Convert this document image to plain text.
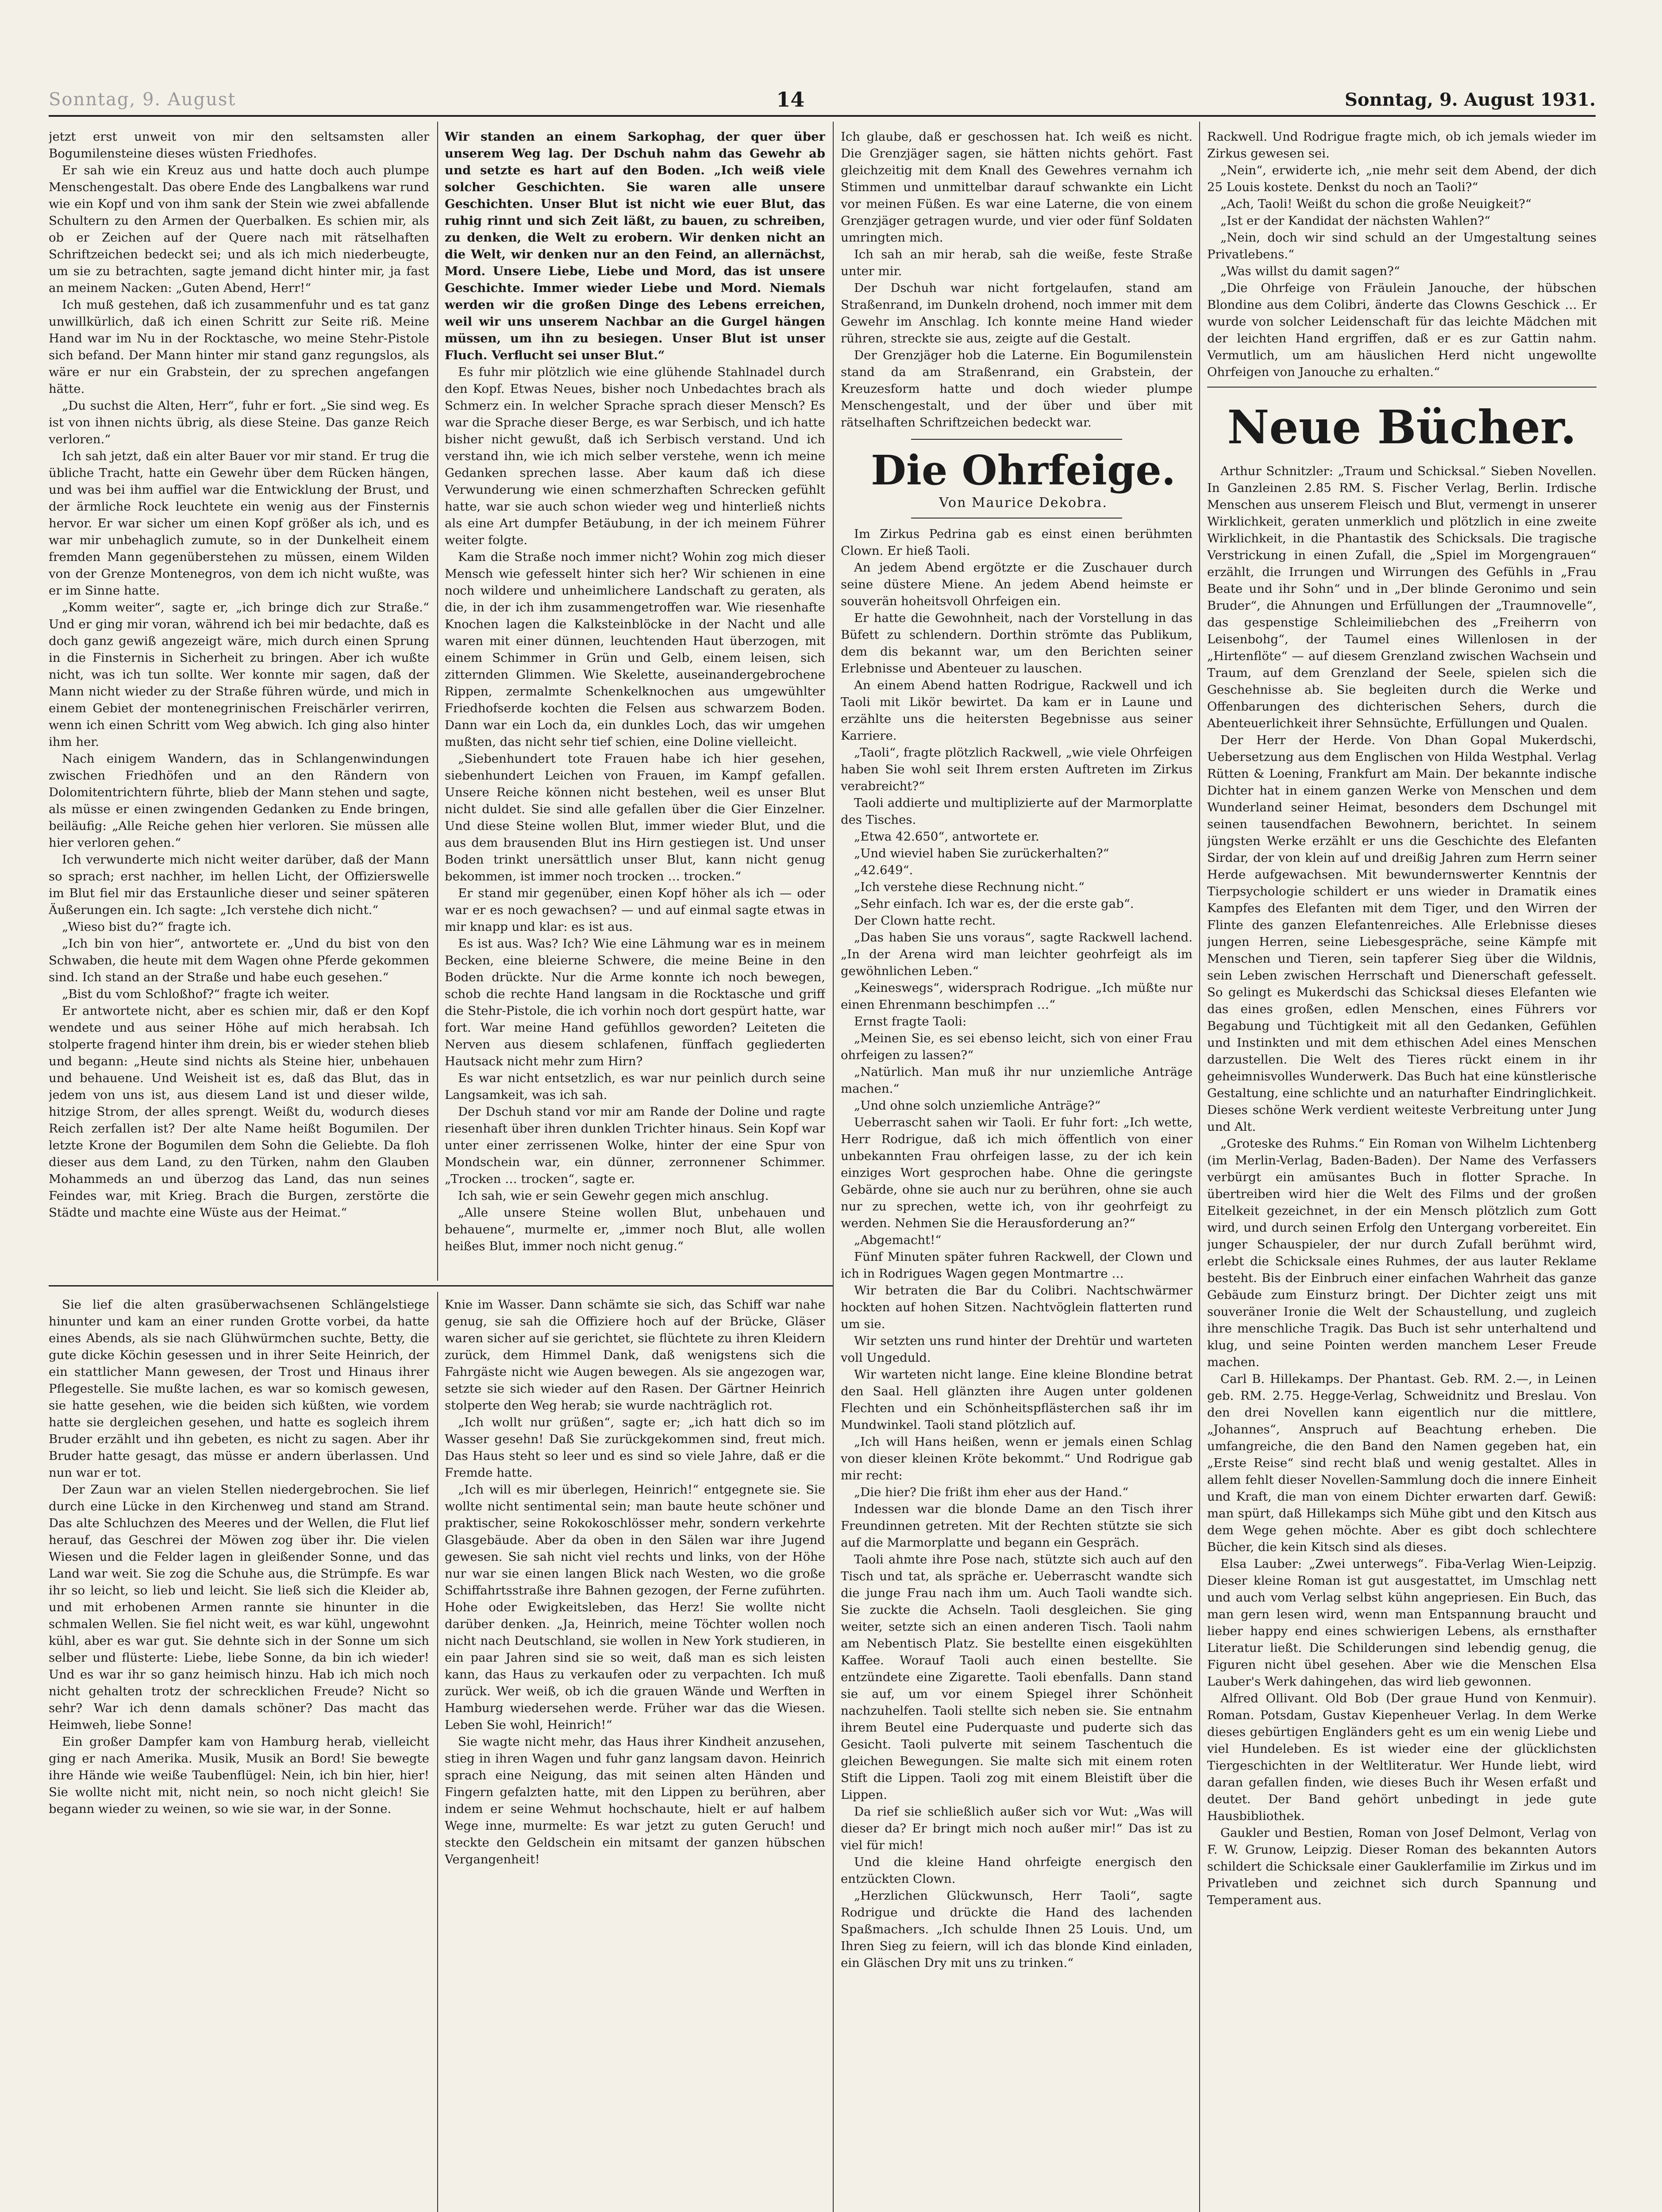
Sonntag, 9. August	14	Sonntag, 9. August 1931.

jetzt erst unweit von mir den seltsamsten aller Bogumilensteine dieses wüsten Friedhofes.

Er sah wie ein Kreuz aus und hatte doch auch plumpe Menschengestalt. Das obere Ende des Langbalkens war rund wie ein Kopf und von ihm sank der Stein wie zwei abfallende Schultern zu den Armen der Querbalken. Es schien mir, als ob er Zeichen auf der Quere nach mit rätselhaften Schriftzeichen bedeckt sei; und als ich mich niederbeugte, um sie zu betrachten, sagte jemand dicht hinter mir, ja fast an meinem Nacken: „Guten Abend, Herr!“

Ich muß gestehen, daß ich zusammenfuhr und es tat ganz unwillkürlich, daß ich einen Schritt zur Seite riß. Meine Hand war im Nu in der Rocktasche, wo meine Stehr-Pistole sich befand. Der Mann hinter mir stand ganz regungslos, als wäre er nur ein Grabstein, der zu sprechen angefangen hätte.

„Du suchst die Alten, Herr“, fuhr er fort. „Sie sind weg. Es ist von ihnen nichts übrig, als diese Steine. Das ganze Reich verloren.“

Ich sah jetzt, daß ein alter Bauer vor mir stand. Er trug die übliche Tracht, hatte ein Gewehr über dem Rücken hängen, und was bei ihm auffiel war die Entwicklung der Brust, und der ärmliche Rock leuchtete ein wenig aus der Finsternis hervor. Er war sicher um einen Kopf größer als ich, und es war mir unbehaglich zumute, so in der Dunkelheit einem fremden Mann gegenüberstehen zu müssen, einem Wilden von der Grenze Montenegros, von dem ich nicht wußte, was er im Sinne hatte.

„Komm weiter“, sagte er, „ich bringe dich zur Straße.“ Und er ging mir voran, während ich bei mir bedachte, daß es doch ganz gewiß angezeigt wäre, mich durch einen Sprung in die Finsternis in Sicherheit zu bringen. Aber ich wußte nicht, was ich tun sollte. Wer konnte mir sagen, daß der Mann nicht wieder zu der Straße führen würde, und mich in einem Gebiet der montenegrinischen Freischärler verirren, wenn ich einen Schritt vom Weg abwich. Ich ging also hinter ihm her.

Nach einigem Wandern, das in Schlangenwindungen zwischen Friedhöfen und an den Rändern von Dolomitentrichtern führte, blieb der Mann stehen und sagte, als müsse er einen zwingenden Gedanken zu Ende bringen, beiläufig: „Alle Reiche gehen hier verloren. Sie müssen alle hier verloren gehen.“

Ich verwunderte mich nicht weiter darüber, daß der Mann so sprach; erst nachher, im hellen Licht, der Offizierswelle im Blut fiel mir das Erstaunliche dieser und seiner späteren Äußerungen ein. Ich sagte: „Ich verstehe dich nicht.“

„Wieso bist du?“ fragte ich.

„Ich bin von hier“, antwortete er. „Und du bist von den Schwaben, die heute mit dem Wagen ohne Pferde gekommen sind. Ich stand an der Straße und habe euch gesehen.“

„Bist du vom Schloßhof?“ fragte ich weiter.

Er antwortete nicht, aber es schien mir, daß er den Kopf wendete und aus seiner Höhe auf mich herabsah. Ich stolperte fragend hinter ihm drein, bis er wieder stehen blieb und begann: „Heute sind nichts als Steine hier, unbehauen und behauene. Und Weisheit ist es, daß das Blut, das in jedem von uns ist, aus diesem Land ist und dieser wilde, hitzige Strom, der alles sprengt. Weißt du, wodurch dieses Reich zerfallen ist? Der alte Name heißt Bogumilen. Der letzte Krone der Bogumilen dem Sohn die Geliebte. Da floh dieser aus dem Land, zu den Türken, nahm den Glauben Mohammeds an und überzog das Land, das nun seines Feindes war, mit Krieg. Brach die Burgen, zerstörte die Städte und machte eine Wüste aus der Heimat.“

Wir standen an einem Sarkophag, der quer über unserem Weg lag. Der Dschuh nahm das Gewehr ab und setzte es hart auf den Boden. „Ich weiß viele solcher Geschichten. Sie waren alle unsere Geschichten. Unser Blut ist nicht wie euer Blut, das ruhig rinnt und sich Zeit läßt, zu bauen, zu schreiben, zu denken, die Welt zu erobern. Wir denken nicht an die Welt, wir denken nur an den Feind, an allernächst, Mord. Unsere Liebe, Liebe und Mord, das ist unsere Geschichte. Immer wieder Liebe und Mord. Niemals werden wir die großen Dinge des Lebens erreichen, weil wir uns unserem Nachbar an die Gurgel hängen müssen, um ihn zu besiegen. Unser Blut ist unser Fluch. Verflucht sei unser Blut.“

Es fuhr mir plötzlich wie eine glühende Stahlnadel durch den Kopf. Etwas Neues, bisher noch Unbedachtes brach als Schmerz ein. In welcher Sprache sprach dieser Mensch? Es war die Sprache dieser Berge, es war Serbisch, und ich hatte bisher nicht gewußt, daß ich Serbisch verstand. Und ich verstand ihn, wie ich mich selber verstehe, wenn ich meine Gedanken sprechen lasse. Aber kaum daß ich diese Verwunderung wie einen schmerzhaften Schrecken gefühlt hatte, war sie auch schon wieder weg und hinterließ nichts als eine Art dumpfer Betäubung, in der ich meinem Führer weiter folgte.

Kam die Straße noch immer nicht? Wohin zog mich dieser Mensch wie gefesselt hinter sich her? Wir schienen in eine noch wildere und unheimlichere Landschaft zu geraten, als die, in der ich ihm zusammengetroffen war. Wie riesenhafte Knochen lagen die Kalksteinblöcke in der Nacht und alle waren mit einer dünnen, leuchtenden Haut überzogen, mit einem Schimmer in Grün und Gelb, einem leisen, sich zitternden Glimmen. Wie Skelette, auseinandergebrochene Rippen, zermalmte Schenkelknochen aus umgewühlter Friedhofserde kochten die Felsen aus schwarzem Boden. Dann war ein Loch da, ein dunkles Loch, das wir umgehen mußten, das nicht sehr tief schien, eine Doline vielleicht.

„Siebenhundert tote Frauen habe ich hier gesehen, siebenhundert Leichen von Frauen, im Kampf gefallen. Unsere Reiche können nicht bestehen, weil es unser Blut nicht duldet. Sie sind alle gefallen über die Gier Einzelner. Und diese Steine wollen Blut, immer wieder Blut, und die aus dem brausenden Blut ins Hirn gestiegen ist. Und unser Boden trinkt unersättlich unser Blut, kann nicht genug bekommen, ist immer noch trocken … trocken.“

Er stand mir gegenüber, einen Kopf höher als ich — oder war er es noch gewachsen? — und auf einmal sagte etwas in mir knapp und klar: es ist aus.

Es ist aus. Was? Ich? Wie eine Lähmung war es in meinem Becken, eine bleierne Schwere, die meine Beine in den Boden drückte. Nur die Arme konnte ich noch bewegen, schob die rechte Hand langsam in die Rocktasche und griff die Stehr-Pistole, die ich vorhin noch dort gespürt hatte, war fort. War meine Hand gefühllos geworden? Leiteten die Nerven aus diesem schlafenen, fünffach gegliederten Hautsack nicht mehr zum Hirn?

Es war nicht entsetzlich, es war nur peinlich durch seine Langsamkeit, was ich sah.

Der Dschuh stand vor mir am Rande der Doline und ragte riesenhaft über ihren dunklen Trichter hinaus. Sein Kopf war unter einer zerrissenen Wolke, hinter der eine Spur von Mondschein war, ein dünner, zerronnener Schimmer. „Trocken … trocken“, sagte er.

Ich sah, wie er sein Gewehr gegen mich anschlug.

„Alle unsere Steine wollen Blut, unbehauen und behauene“, murmelte er, „immer noch Blut, alle wollen heißes Blut, immer noch nicht genug.“

Ich glaube, daß er geschossen hat. Ich weiß es nicht. Die Grenzjäger sagen, sie hätten nichts gehört. Fast gleichzeitig mit dem Knall des Gewehres vernahm ich Stimmen und unmittelbar darauf schwankte ein Licht vor meinen Füßen. Es war eine Laterne, die von einem Grenzjäger getragen wurde, und vier oder fünf Soldaten umringten mich.

Ich sah an mir herab, sah die weiße, feste Straße unter mir.

Der Dschuh war nicht fortgelaufen, stand am Straßenrand, im Dunkeln drohend, noch immer mit dem Gewehr im Anschlag. Ich konnte meine Hand wieder rühren, streckte sie aus, zeigte auf die Gestalt.

Der Grenzjäger hob die Laterne. Ein Bogumilenstein stand da am Straßenrand, ein Grabstein, der Kreuzesform hatte und doch wieder plumpe Menschengestalt, und der über und über mit rätselhaften Schriftzeichen bedeckt war.

Die Ohrfeige.

Von Maurice Dekobra.

Im Zirkus Pedrina gab es einst einen berühmten Clown. Er hieß Taoli.

An jedem Abend ergötzte er die Zuschauer durch seine düstere Miene. An jedem Abend heimste er souverän hoheitsvoll Ohrfeigen ein.

Er hatte die Gewohnheit, nach der Vorstellung in das Büfett zu schlendern. Dorthin strömte das Publikum, dem dis bekannt war, um den Berichten seiner Erlebnisse und Abenteuer zu lauschen.

An einem Abend hatten Rodrigue, Rackwell und ich Taoli mit Likör bewirtet. Da kam er in Laune und erzählte uns die heitersten Begebnisse aus seiner Karriere.

„Taoli“, fragte plötzlich Rackwell, „wie viele Ohrfeigen haben Sie wohl seit Ihrem ersten Auftreten im Zirkus verabreicht?“

Taoli addierte und multiplizierte auf der Marmorplatte des Tisches.

„Etwa 42.650“, antwortete er.

„Und wieviel haben Sie zurückerhalten?“

„42.649“.

„Ich verstehe diese Rechnung nicht.“

„Sehr einfach. Ich war es, der die erste gab“.

Der Clown hatte recht.

„Das haben Sie uns voraus“, sagte Rackwell lachend. „In der Arena wird man leichter geohrfeigt als im gewöhnlichen Leben.“

„Keineswegs“, widersprach Rodrigue. „Ich müßte nur einen Ehrenmann beschimpfen …“

Ernst fragte Taoli:

„Meinen Sie, es sei ebenso leicht, sich von einer Frau ohrfeigen zu lassen?“

„Natürlich. Man muß ihr nur unziemliche Anträge machen.“

„Und ohne solch unziemliche Anträge?“

Ueberrascht sahen wir Taoli. Er fuhr fort: „Ich wette, Herr Rodrigue, daß ich mich öffentlich von einer unbekannten Frau ohrfeigen lasse, zu der ich kein einziges Wort gesprochen habe. Ohne die geringste Gebärde, ohne sie auch nur zu berühren, ohne sie auch nur zu sprechen, wette ich, von ihr geohrfeigt zu werden. Nehmen Sie die Herausforderung an?“

„Abgemacht!“

Fünf Minuten später fuhren Rackwell, der Clown und ich in Rodrigues Wagen gegen Montmartre …

Wir betraten die Bar du Colibri. Nachtschwärmer hockten auf hohen Sitzen. Nachtvöglein flatterten rund um sie.

Wir setzten uns rund hinter der Drehtür und warteten voll Ungeduld.

Wir warteten nicht lange. Eine kleine Blondine betrat den Saal. Hell glänzten ihre Augen unter goldenen Flechten und ein Schönheitspflästerchen saß ihr im Mundwinkel. Taoli stand plötzlich auf.

„Ich will Hans heißen, wenn er jemals einen Schlag von dieser kleinen Kröte bekommt.“ Und Rodrigue gab mir recht:

„Die hier? Die frißt ihm eher aus der Hand.“

Indessen war die blonde Dame an den Tisch ihrer Freundinnen getreten. Mit der Rechten stützte sie sich auf die Marmorplatte und begann ein Gespräch.

Taoli ahmte ihre Pose nach, stützte sich auch auf den Tisch und tat, als spräche er. Ueberrascht wandte sich die junge Frau nach ihm um. Auch Taoli wandte sich. Sie zuckte die Achseln. Taoli desgleichen. Sie ging weiter, setzte sich an einen anderen Tisch. Taoli nahm am Nebentisch Platz. Sie bestellte einen eisgekühlten Kaffee. Worauf Taoli auch einen bestellte. Sie entzündete eine Zigarette. Taoli ebenfalls. Dann stand sie auf, um vor einem Spiegel ihrer Schönheit nachzuhelfen. Taoli stellte sich neben sie. Sie entnahm ihrem Beutel eine Puderquaste und puderte sich das Gesicht. Taoli pulverte mit seinem Taschentuch die gleichen Bewegungen. Sie malte sich mit einem roten Stift die Lippen. Taoli zog mit einem Bleistift über die Lippen.

Da rief sie schließlich außer sich vor Wut: „Was will dieser da? Er bringt mich noch außer mir!“ Das ist zu viel für mich!

Und die kleine Hand ohrfeigte energisch den entzückten Clown.

„Herzlichen Glückwunsch, Herr Taoli“, sagte Rodrigue und drückte die Hand des lachenden Spaßmachers. „Ich schulde Ihnen 25 Louis. Und, um Ihren Sieg zu feiern, will ich das blonde Kind einladen, ein Gläschen Dry mit uns zu trinken.“

Rackwell. Und Rodrigue fragte mich, ob ich jemals wieder im Zirkus gewesen sei.

„Nein“, erwiderte ich, „nie mehr seit dem Abend, der dich 25 Louis kostete. Denkst du noch an Taoli?“

„Ach, Taoli! Weißt du schon die große Neuigkeit?“

„Ist er der Kandidat der nächsten Wahlen?“

„Nein, doch wir sind schuld an der Umgestaltung seines Privatlebens.“

„Was willst du damit sagen?“

„Die Ohrfeige von Fräulein Janouche, der hübschen Blondine aus dem Colibri, änderte das Clowns Geschick … Er wurde von solcher Leidenschaft für das leichte Mädchen mit der leichten Hand ergriffen, daß er es zur Gattin nahm. Vermutlich, um am häuslichen Herd nicht ungewollte Ohrfeigen von Janouche zu erhalten.“

Neue Bücher.

Arthur Schnitzler: „Traum und Schicksal.“ Sieben Novellen. In Ganzleinen 2.85 RM. S. Fischer Verlag, Berlin. Irdische Menschen aus unserem Fleisch und Blut, vermengt in unserer Wirklichkeit, geraten unmerklich und plötzlich in eine zweite Wirklichkeit, in die Phantastik des Schicksals. Die tragische Verstrickung in einen Zufall, die „Spiel im Morgengrauen“ erzählt, die Irrungen und Wirrungen des Gefühls in „Frau Beate und ihr Sohn“ und in „Der blinde Geronimo und sein Bruder“, die Ahnungen und Erfüllungen der „Traumnovelle“, das gespenstige Schleimiliebchen des „Freiherrn von Leisenbohg“, der Taumel eines Willenlosen in der „Hirtenflöte“ — auf diesem Grenzland zwischen Wachsein und Traum, auf dem Grenzland der Seele, spielen sich die Geschehnisse ab. Sie begleiten durch die Werke und Offenbarungen des dichterischen Sehers, durch die Abenteuerlichkeit ihrer Sehnsüchte, Erfüllungen und Qualen.

Der Herr der Herde. Von Dhan Gopal Mukerdschi, Uebersetzung aus dem Englischen von Hilda Westphal. Verlag Rütten & Loening, Frankfurt am Main. Der bekannte indische Dichter hat in einem ganzen Werke von Menschen und dem Wunderland seiner Heimat, besonders dem Dschungel mit seinen tausendfachen Bewohnern, berichtet. In seinem jüngsten Werke erzählt er uns die Geschichte des Elefanten Sirdar, der von klein auf und dreißig Jahren zum Herrn seiner Herde aufgewachsen. Mit bewundernswerter Kenntnis der Tierpsychologie schildert er uns wieder in Dramatik eines Kampfes des Elefanten mit dem Tiger, und den Wirren der Flinte des ganzen Elefantenreiches. Alle Erlebnisse dieses jungen Herren, seine Liebesgespräche, seine Kämpfe mit Menschen und Tieren, sein tapferer Sieg über die Wildnis, sein Leben zwischen Herrschaft und Dienerschaft gefesselt. So gelingt es Mukerdschi das Schicksal dieses Elefanten wie das eines großen, edlen Menschen, eines Führers vor Begabung und Tüchtigkeit mit all den Gedanken, Gefühlen und Instinkten und mit dem ethischen Adel eines Menschen darzustellen. Die Welt des Tieres rückt einem in ihr geheimnisvolles Wunderwerk. Das Buch hat eine künstlerische Gestaltung, eine schlichte und an naturhafter Eindringlichkeit. Dieses schöne Werk verdient weiteste Verbreitung unter Jung und Alt.

„Groteske des Ruhms.“ Ein Roman von Wilhelm Lichtenberg (im Merlin-Verlag, Baden-Baden). Der Name des Verfassers verbürgt ein amüsantes Buch in flotter Sprache. In übertreiben wird hier die Welt des Films und der großen Eitelkeit gezeichnet, in der ein Mensch plötzlich zum Gott wird, und durch seinen Erfolg den Untergang vorbereitet. Ein junger Schauspieler, der nur durch Zufall berühmt wird, erlebt die Schicksale eines Ruhmes, der aus lauter Reklame besteht. Bis der Einbruch einer einfachen Wahrheit das ganze Gebäude zum Einsturz bringt. Der Dichter zeigt uns mit souveräner Ironie die Welt der Schaustellung, und zugleich ihre menschliche Tragik. Das Buch ist sehr unterhaltend und klug, und seine Pointen werden manchem Leser Freude machen.

Carl B. Hillekamps. Der Phantast. Geb. RM. 2.—, in Leinen geb. RM. 2.75. Hegge-Verlag, Schweidnitz und Breslau. Von den drei Novellen kann eigentlich nur die mittlere, „Johannes“, Anspruch auf Beachtung erheben. Die umfangreiche, die den Band den Namen gegeben hat, ein „Erste Reise“ sind recht blaß und wenig gestaltet. Alles in allem fehlt dieser Novellen-Sammlung doch die innere Einheit und Kraft, die man von einem Dichter erwarten darf. Gewiß: man spürt, daß Hillekamps sich Mühe gibt und den Kitsch aus dem Wege gehen möchte. Aber es gibt doch schlechtere Bücher, die kein Kitsch sind als dieses.

Elsa Lauber: „Zwei unterwegs“. Fiba-Verlag Wien-Leipzig. Dieser kleine Roman ist gut ausgestattet, im Umschlag nett und auch vom Verlag selbst kühn angepriesen. Ein Buch, das man gern lesen wird, wenn man Entspannung braucht und lieber happy end eines schwierigen Lebens, als ernsthafter Literatur ließt. Die Schilderungen sind lebendig genug, die Figuren nicht übel gesehen. Aber wie die Menschen Elsa Lauber's Werk dahingehen, das wird lieb gewonnen.

Alfred Ollivant. Old Bob (Der graue Hund von Kenmuir). Roman. Potsdam, Gustav Kiepenheuer Verlag. In dem Werke dieses gebürtigen Engländers geht es um ein wenig Liebe und viel Hundeleben. Es ist wieder eine der glücklichsten Tiergeschichten in der Weltliteratur. Wer Hunde liebt, wird daran gefallen finden, wie dieses Buch ihr Wesen erfaßt und deutet. Der Band gehört unbedingt in jede gute Hausbibliothek.

Gaukler und Bestien, Roman von Josef Delmont, Verlag von F. W. Grunow, Leipzig. Dieser Roman des bekannten Autors schildert die Schicksale einer Gauklerfamilie im Zirkus und im Privatleben und zeichnet sich durch Spannung und Temperament aus.

Sie lief die alten grasüberwachsenen Schlängelstiege hinunter und kam an einer runden Grotte vorbei, da hatte eines Abends, als sie nach Glühwürmchen suchte, Betty, die gute dicke Köchin gesessen und in ihrer Seite Heinrich, der ein stattlicher Mann gewesen, der Trost und Hinaus ihrer Pflegestelle. Sie mußte lachen, es war so komisch gewesen, sie hatte gesehen, wie die beiden sich küßten, wie vordem hatte sie dergleichen gesehen, und hatte es sogleich ihrem Bruder erzählt und ihn gebeten, es nicht zu sagen. Aber ihr Bruder hatte gesagt, das müsse er andern überlassen. Und nun war er tot.

Der Zaun war an vielen Stellen niedergebrochen. Sie lief durch eine Lücke in den Kirchenweg und stand am Strand. Das alte Schluchzen des Meeres und der Wellen, die Flut lief herauf, das Geschrei der Möwen zog über ihr. Die vielen Wiesen und die Felder lagen in gleißender Sonne, und das Land war weit. Sie zog die Schuhe aus, die Strümpfe. Es war ihr so leicht, so lieb und leicht. Sie ließ sich die Kleider ab, und mit erhobenen Armen rannte sie hinunter in die schmalen Wellen. Sie fiel nicht weit, es war kühl, ungewohnt kühl, aber es war gut. Sie dehnte sich in der Sonne um sich selber und flüsterte: Liebe, liebe Sonne, da bin ich wieder! Und es war ihr so ganz heimisch hinzu. Hab ich mich noch nicht gehalten trotz der schrecklichen Freude? Nicht so sehr? War ich denn damals schöner? Das macht das Heimweh, liebe Sonne!

Ein großer Dampfer kam von Hamburg herab, vielleicht ging er nach Amerika. Musik, Musik an Bord! Sie bewegte ihre Hände wie weiße Taubenflügel: Nein, ich bin hier, hier! Sie wollte nicht mit, nicht nein, so noch nicht gleich! Sie begann wieder zu weinen, so wie sie war, in der Sonne.

Knie im Wasser. Dann schämte sie sich, das Schiff war nahe genug, sie sah die Offiziere hoch auf der Brücke, Gläser waren sicher auf sie gerichtet, sie flüchtete zu ihren Kleidern zurück, dem Himmel Dank, daß wenigstens sich die Fahrgäste nicht wie Augen bewegen. Als sie angezogen war, setzte sie sich wieder auf den Rasen. Der Gärtner Heinrich stolperte den Weg herab; sie wurde nachträglich rot.

„Ich wollt nur grüßen“, sagte er; „ich hatt dich so im Wasser gesehn! Daß Sie zurückgekommen sind, freut mich. Das Haus steht so leer und es sind so viele Jahre, daß er die Fremde hatte.

„Ich will es mir überlegen, Heinrich!“ entgegnete sie. Sie wollte nicht sentimental sein; man baute heute schöner und praktischer, seine Rokokoschlösser mehr, sondern verkehrte Glasgebäude. Aber da oben in den Sälen war ihre Jugend gewesen. Sie sah nicht viel rechts und links, von der Höhe nur war sie einen langen Blick nach Westen, wo die große Schiffahrtsstraße ihre Bahnen gezogen, der Ferne zuführten. Hohe oder Ewigkeitsleben, das Herz! Sie wollte nicht darüber denken. „Ja, Heinrich, meine Töchter wollen noch nicht nach Deutschland, sie wollen in New York studieren, in ein paar Jahren sind sie so weit, daß man es sich leisten kann, das Haus zu verkaufen oder zu verpachten. Ich muß zurück. Wer weiß, ob ich die grauen Wände und Werften in Hamburg wiedersehen werde. Früher war das die Wiesen. Leben Sie wohl, Heinrich!“

Sie wagte nicht mehr, das Haus ihrer Kindheit anzusehen, stieg in ihren Wagen und fuhr ganz langsam davon. Heinrich sprach eine Neigung, das mit seinen alten Händen und Fingern gefalzten hatte, mit den Lippen zu berühren, aber indem er seine Wehmut hochschaute, hielt er auf halbem Wege inne, murmelte: Es war jetzt zu guten Geruch! und steckte den Geldschein ein mitsamt der ganzen hübschen Vergangenheit!
